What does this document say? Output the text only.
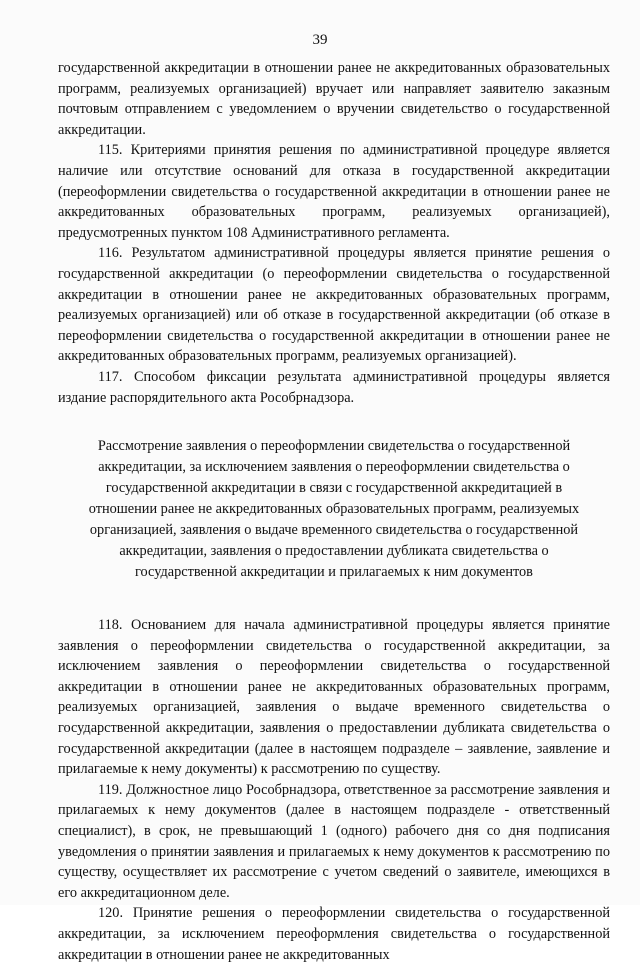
39

государственной аккредитации в отношении ранее не аккредитованных образовательных программ, реализуемых организацией) вручает или направляет заявителю заказным почтовым отправлением с уведомлением о вручении свидетельство о государственной аккредитации.

115. Критериями принятия решения по административной процедуре является наличие или отсутствие оснований для отказа в государственной аккредитации (переоформлении свидетельства о государственной аккредитации в отношении ранее не аккредитованных образовательных программ, реализуемых организацией), предусмотренных пунктом 108 Административного регламента.

116. Результатом административной процедуры является принятие решения о государственной аккредитации (о переоформлении свидетельства о государственной аккредитации в отношении ранее не аккредитованных образовательных программ, реализуемых организацией) или об отказе в государственной аккредитации (об отказе в переоформлении свидетельства о государственной аккредитации в отношении ранее не аккредитованных образовательных программ, реализуемых организацией).

117. Способом фиксации результата административной процедуры является издание распорядительного акта Рособрнадзора.

Рассмотрение заявления о переоформлении свидетельства о государственной аккредитации, за исключением заявления о переоформлении свидетельства о государственной аккредитации в связи с государственной аккредитацией в отношении ранее не аккредитованных образовательных программ, реализуемых организацией, заявления о выдаче временного свидетельства о государственной аккредитации, заявления о предоставлении дубликата свидетельства о государственной аккредитации и прилагаемых к ним документов

118. Основанием для начала административной процедуры является принятие заявления о переоформлении свидетельства о государственной аккредитации, за исключением заявления о переоформлении свидетельства о государственной аккредитации в отношении ранее не аккредитованных образовательных программ, реализуемых организацией, заявления о выдаче временного свидетельства о государственной аккредитации, заявления о предоставлении дубликата свидетельства о государственной аккредитации (далее в настоящем подразделе – заявление, заявление и прилагаемые к нему документы) к рассмотрению по существу.

119. Должностное лицо Рособрнадзора, ответственное за рассмотрение заявления и прилагаемых к нему документов (далее в настоящем подразделе - ответственный специалист), в срок, не превышающий 1 (одного) рабочего дня со дня подписания уведомления о принятии заявления и прилагаемых к нему документов к рассмотрению по существу, осуществляет их рассмотрение с учетом сведений о заявителе, имеющихся в его аккредитационном деле.

120. Принятие решения о переоформлении свидетельства о государственной аккредитации, за исключением переоформления свидетельства о государственной аккредитации в отношении ранее не аккредитованных
